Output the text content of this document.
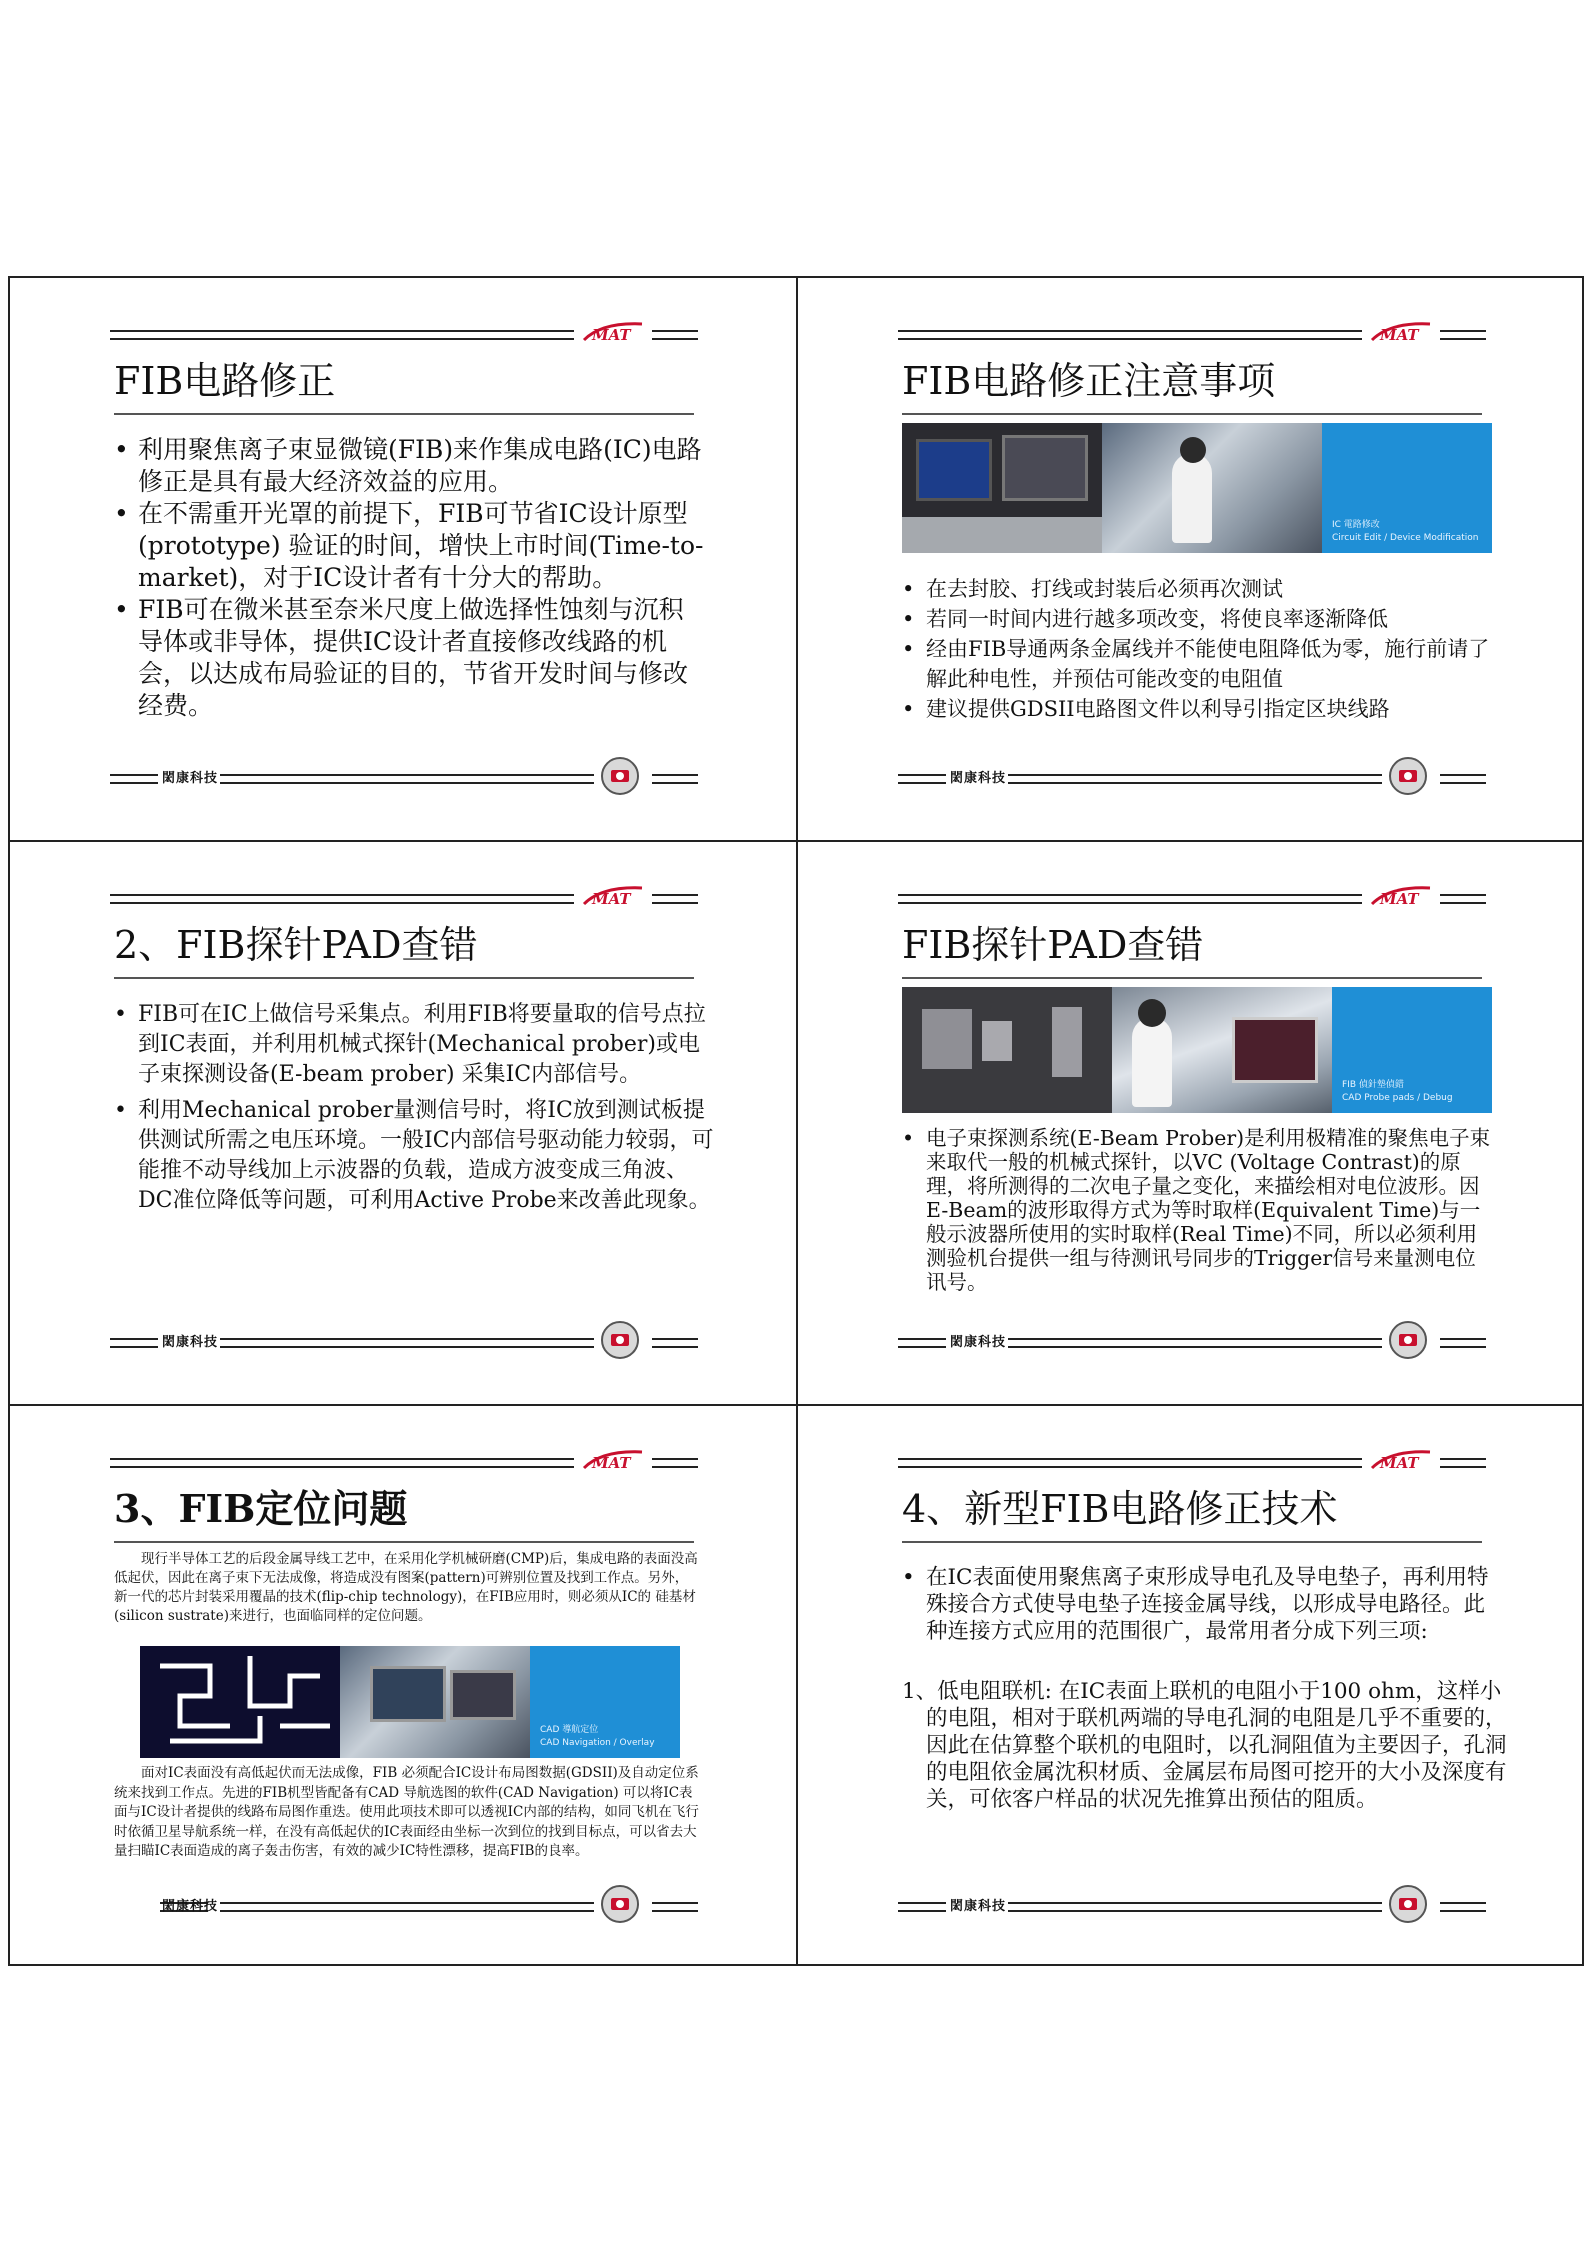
MAT
FIB电路修正
• 利用聚焦离子束显微镜(FIB)来作集成电路(IC)电路修正是具有最大经济效益的应用。
• 在不需重开光罩的前提下，FIB可节省IC设计原型(prototype) 验证的时间，增快上市时间(Time-to-market)，对于IC设计者有十分大的帮助。
• FIB可在微米甚至奈米尺度上做选择性蚀刻与沉积导体或非导体，提供IC设计者直接修改线路的机会，以达成布局验证的目的，节省开发时间与修改经费。
閎康科技
MAT
FIB电路修正注意事项
IC 電路修改
Circuit Edit / Device Modification
• 在去封胶、打线或封装后必须再次测试
• 若同一时间内进行越多项改变，将使良率逐渐降低
• 经由FIB导通两条金属线并不能使电阻降低为零，施行前请了解此种电性，并预估可能改变的电阻值
• 建议提供GDSII电路图文件以利导引指定区块线路
閎康科技
MAT
2、FIB探针PAD查错
• FIB可在IC上做信号采集点。利用FIB将要量取的信号点拉到IC表面，并利用机械式探针(Mechanical prober)或电子束探测设备(E-beam prober) 采集IC内部信号。
• 利用Mechanical prober量测信号时，将IC放到测试板提供测试所需之电压环境。一般IC内部信号驱动能力较弱，可能推不动导线加上示波器的负载，造成方波变成三角波、DC准位降低等问题，可利用Active Probe来改善此现象。
閎康科技
MAT
FIB探针PAD查错
FIB 偵針墊偵錯
CAD Probe pads / Debug
• 电子束探测系统(E-Beam Prober)是利用极精准的聚焦电子束来取代一般的机械式探针，以VC (Voltage Contrast)的原理，将所测得的二次电子量之变化，来描绘相对电位波形。因E-Beam的波形取得方式为等时取样(Equivalent Time)与一般示波器所使用的实时取样(Real Time)不同，所以必须利用测验机台提供一组与待测讯号同步的Trigger信号来量测电位讯号。
閎康科技
MAT
3、FIB定位问题
现行半导体工艺的后段金属导线工艺中，在采用化学机械研磨(CMP)后，集成电路的表面没高低起伏，因此在离子束下无法成像，将造成没有图案(pattern)可辨别位置及找到工作点。另外，新一代的芯片封装采用覆晶的技术(flip-chip technology)，在FIB应用时，则必须从IC的 硅基材(silicon sustrate)来进行，也面临同样的定位问题。
CAD 導航定位
CAD Navigation / Overlay
面对IC表面没有高低起伏而无法成像，FIB 必须配合IC设计布局图数据(GDSII)及自动定位系统来找到工作点。先进的FIB机型皆配备有CAD 导航选图的软件(CAD Navigation) 可以将IC表面与IC设计者提供的线路布局图作重迭。使用此项技术即可以透视IC内部的结构，如同飞机在飞行时依循卫星导航系统一样，在没有高低起伏的IC表面经由坐标一次到位的找到目标点，可以省去大量扫瞄IC表面造成的离子轰击伤害，有效的减少IC特性漂移，提高FIB的良率。
閎康科技
MAT
4、新型FIB电路修正技术
• 在IC表面使用聚焦离子束形成导电孔及导电垫子，再利用特殊接合方式使导电垫子连接金属导线，以形成导电路径。此种连接方式应用的范围很广，最常用者分成下列三项:
1、低电阻联机: 在IC表面上联机的电阻小于100 ohm，这样小的电阻，相对于联机两端的导电孔洞的电阻是几乎不重要的，因此在估算整个联机的电阻时，以孔洞阻值为主要因子，孔洞的电阻依金属沈积材质、金属层布局图可挖开的大小及深度有关，可依客户样品的状况先推算出预估的阻质。
閎康科技
